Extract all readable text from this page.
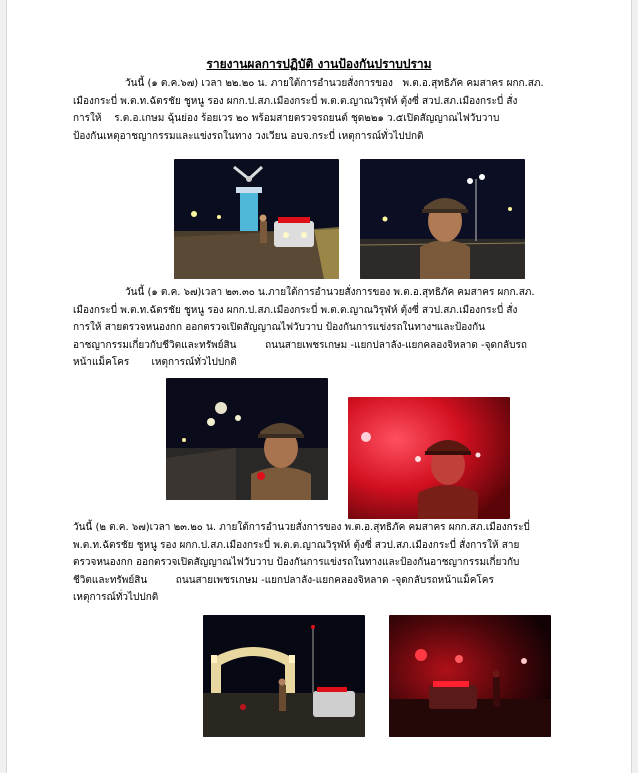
รายงานผลการปฏิบัติ งานป้องกันปราบปราม
วันนี้ (๑ ต.ค.๖๗) เวลา ๒๒.๒๐ น. ภายใต้การอำนวยสั่งการของ   พ.ต.อ.สุทธิภัค คมสาคร ผกก.สภ.
เมืองกระบี่ พ.ต.ท.ฉัตรชัย ชูหนู รอง ผกก.ป.สภ.เมืองกระบี่ พ.ต.ต.ญาณวิรุฬห์ ตุ้งซี่ สวป.สภ.เมืองกระบี่ สั่ง
การให้    ร.ต.อ.เกษม ฉุ้นย่อง ร้อยเวร ๒๐ พร้อมสายตรวจรถยนต์ ชุด๒๒๑ ว.๕เปิดสัญญาณไฟวับวาบ
ป้องกันเหตุอาชญากรรมและแข่งรถในทาง วงเวียน อบจ.กระบี่ เหตุการณ์ทั่วไปปกติ
วันนี้ (๑ ต.ค. ๖๗)เวลา ๒๓.๓๐ น.ภายใต้การอำนวยสั่งการของ พ.ต.อ.สุทธิภัค คมสาคร ผกก.สภ.
เมืองกระบี่ พ.ต.ท.ฉัตรชัย ชูหนู รอง ผกก.ป.สภ.เมืองกระบี่ พ.ต.ต.ญาณวิรุฬห์ ตุ้งซี่ สวป.สภ.เมืองกระบี่ สั่ง
การให้ สายตรวจหนองกก ออกตรวจเปิดสัญญาณไฟวับวาบ ป้องกันการแข่งรถในทางฯและป้องกัน
อาชญากรรมเกี่ยวกับชีวิตและทรัพย์สิน         ถนนสายเพชรเกษม -แยกปลาลัง-แยกคลองจิหลาด -จุดกลับรถ
หน้าแม็คโคร       เหตุการณ์ทั่วไปปกติ
วันนี้ (๒ ต.ค. ๖๗)เวลา ๒๓.๒๐ น. ภายใต้การอำนวยสั่งการของ พ.ต.อ.สุทธิภัค คมสาคร ผกก.สภ.เมืองกระบี่
พ.ต.ท.ฉัตรชัย ชูหนู รอง ผกก.ป.สภ.เมืองกระบี่ พ.ต.ต.ญาณวิรุฬห์ ตุ้งซี่ สวป.สภ.เมืองกระบี่ สั่งการให้ สาย
ตรวจหนองกก ออกตรวจเปิดสัญญาณไฟวับวาบ ป้องกันการแข่งรถในทางและป้องกันอาชญากรรมเกี่ยวกับ
ชีวิตและทรัพย์สิน         ถนนสายเพชรเกษม -แยกปลาลัง-แยกคลองจิหลาด -จุดกลับรถหน้าแม็คโคร
เหตุการณ์ทั่วไปปกติ
